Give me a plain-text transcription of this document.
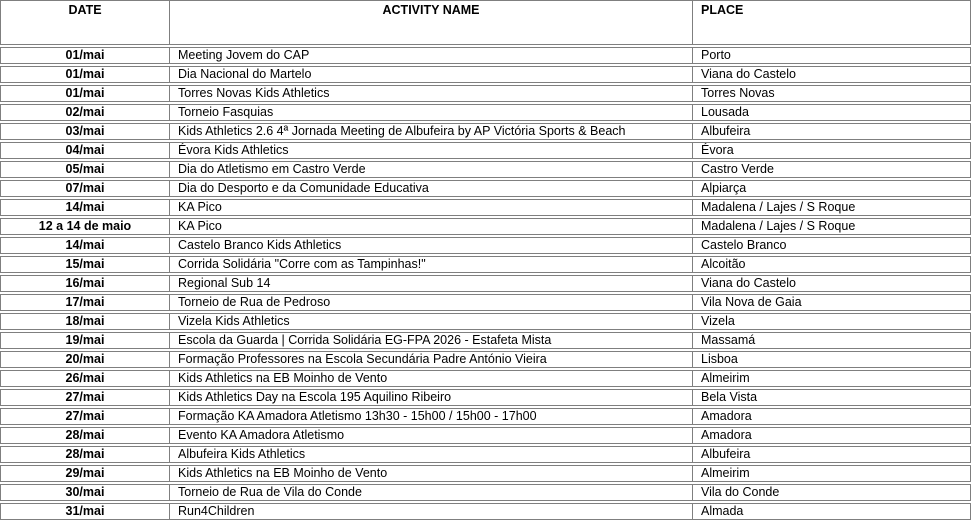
DATE	ACTIVITY NAME	PLACE
01/mai	Meeting Jovem do CAP	Porto
01/mai	Dia Nacional do Martelo	Viana do Castelo
01/mai	Torres Novas Kids Athletics	Torres Novas
02/mai	Torneio Fasquias	Lousada
03/mai	Kids Athletics 2.6 4ª Jornada Meeting de Albufeira by AP Victória Sports & Beach	Albufeira
04/mai	Évora Kids Athletics	Évora
05/mai	Dia do Atletismo em Castro Verde	Castro Verde
07/mai	Dia do Desporto e da Comunidade Educativa	Alpiarça
14/mai	KA Pico	Madalena / Lajes / S Roque
12 a 14 de maio	KA Pico	Madalena / Lajes / S Roque
14/mai	Castelo Branco Kids Athletics	Castelo Branco
15/mai	Corrida Solidária "Corre com as Tampinhas!"	Alcoitão
16/mai	Regional Sub 14	Viana do Castelo
17/mai	Torneio de Rua de Pedroso	Vila Nova de Gaia
18/mai	Vizela Kids Athletics	Vizela
19/mai	Escola da Guarda | Corrida Solidária EG-FPA 2026 - Estafeta Mista	Massamá
20/mai	Formação Professores na Escola Secundária Padre António Vieira	Lisboa
26/mai	Kids Athletics na EB Moinho de Vento	Almeirim
27/mai	Kids Athletics Day na Escola 195 Aquilino Ribeiro	Bela Vista
27/mai	Formação KA Amadora Atletismo 13h30 - 15h00 / 15h00 - 17h00	Amadora
28/mai	Evento KA Amadora Atletismo	Amadora
28/mai	Albufeira Kids Athletics	Albufeira
29/mai	Kids Athletics na EB Moinho de Vento	Almeirim
30/mai	Torneio de Rua de Vila do Conde	Vila do Conde
31/mai	Run4Children	Almada
